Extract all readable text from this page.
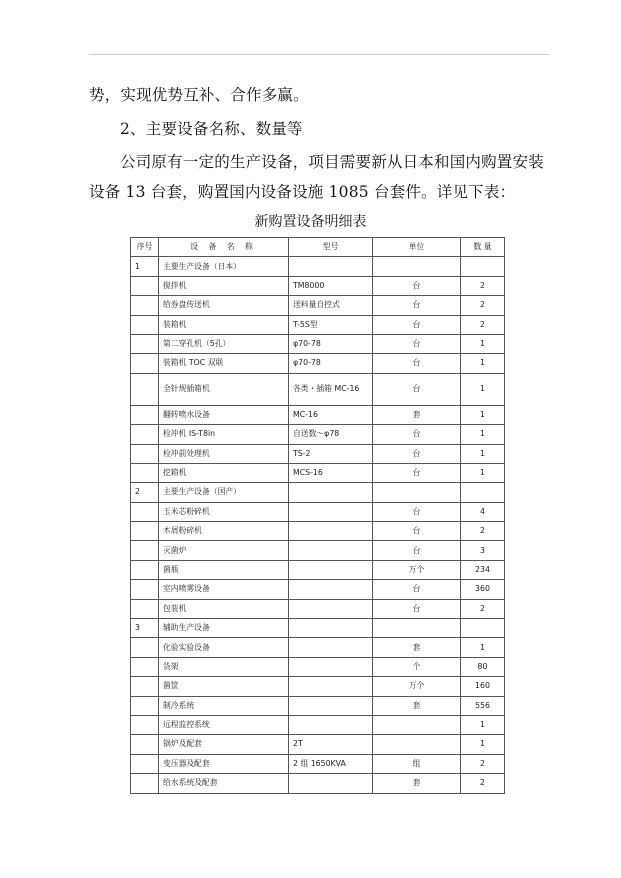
势，实现优势互补、合作多赢。
2、主要设备名称、数量等
公司原有一定的生产设备，项目需要新从日本和国内购置安装
设备 13 台套，购置国内设备设施 1085 台套件。详见下表：
新购置设备明细表
序号	设 备 名 称	型号	单位	数 量
1	主要生产设备（日本）			
	搅拌机	TM8000	台	2
	给券盘传送机	送料量自控式	台	2
	装箱机	T-5S型	台	2
	第二穿孔机（5孔）	φ70-78	台	1
	装箱机 TOC 双联	φ70-78	台	1
	全针规插箱机	各类・插箱 MC-16	台	1
	翻转喷水设备	MC-16	套	1
	栓冲机 IS-T8in	自送数～φ78	台	1
	栓冲前处理机	TS-2	台	1
	挖箱机	MCS-16	台	1
2	主要生产设备（国产）			
	玉米芯粉碎机		台	4
	木屑粉碎机		台	2
	灭菌炉		台	3
	菌瓶		万个	234
	室内喷雾设备		台	360
	包装机		台	2
3	辅助生产设备			
	化验实验设备		套	1
	货架		个	80
	菌筐		万个	160
	制冷系统		套	556
	远程监控系统			1
	锅炉及配套	2T		1
	变压器及配套	2 组 1650KVA	组	2
	给水系统及配套		套	2
